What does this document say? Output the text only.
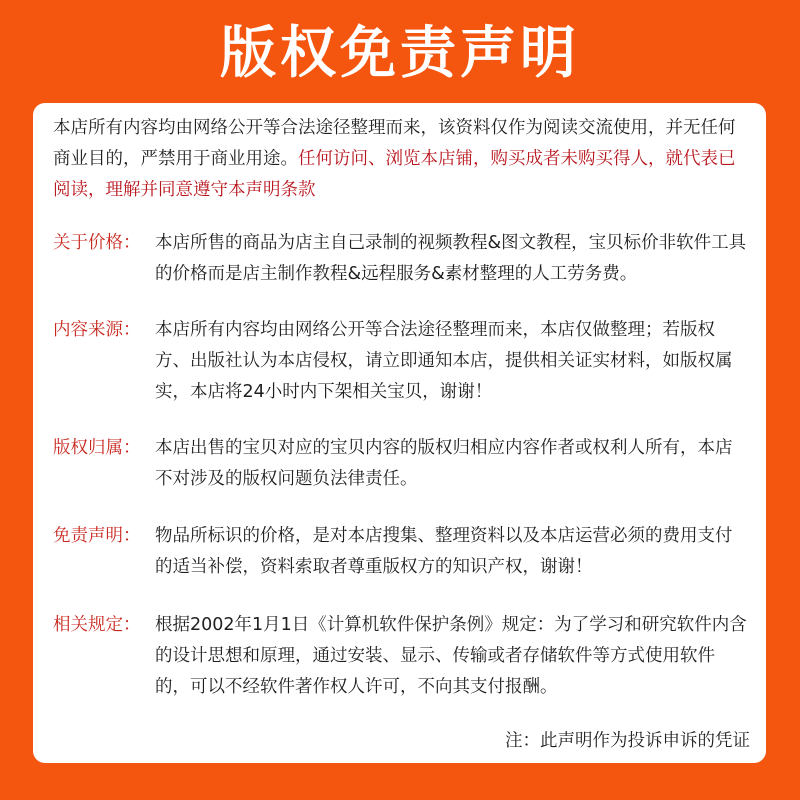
版权免责声明
本店所有内容均由网络公开等合法途径整理而来，该资料仅作为阅读交流使用，并无任何商业目的，严禁用于商业用途。任何访问、浏览本店铺，购买成者未购买得人，就代表已阅读，理解并同意遵守本声明条款
关于价格： 本店所售的商品为店主自己录制的视频教程&图文教程，宝贝标价非软件工具的价格而是店主制作教程&远程服务&素材整理的人工劳务费。
内容来源： 本店所有内容均由网络公开等合法途径整理而来，本店仅做整理；若版权方、出版社认为本店侵权，请立即通知本店，提供相关证实材料，如版权属实，本店将24小时内下架相关宝贝，谢谢！
版权归属： 本店出售的宝贝对应的宝贝内容的版权归相应内容作者或权利人所有，本店不对涉及的版权问题负法律责任。
免责声明： 物品所标识的价格，是对本店搜集、整理资料以及本店运营必须的费用支付的适当补偿，资料索取者尊重版权方的知识产权，谢谢！
相关规定： 根据2002年1月1日《计算机软件保护条例》规定：为了学习和研究软件内含的设计思想和原理，通过安装、显示、传输或者存储软件等方式使用软件的，可以不经软件著作权人许可，不向其支付报酬。
注：此声明作为投诉申诉的凭证
